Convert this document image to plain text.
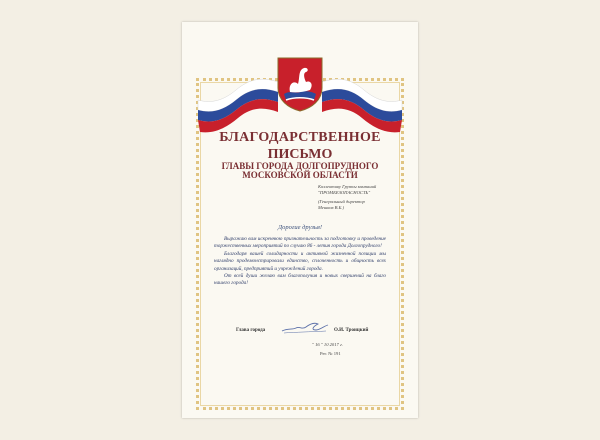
БЛАГОДАРСТВЕННОЕ
ПИСЬМО
ГЛАВЫ ГОРОДА ДОЛГОПРУДНОГО
МОСКОВСКОЙ ОБЛАСТИ
Коллективу Группы компаний
"ПРОМБЕЗОПАСНОСТЬ"
(Генеральный директор
Мешков В.Б.)
Дорогие друзья!

Выражаю вам искреннюю признательность за подготовку и проведение торжественных мероприятий по случаю 86 - летия города Долгопрудного!

Благодаря вашей солидарности и активной жизненной позиции мы наглядно продемонстрировали единство, сплоченность и общность всех организаций, предприятий и учреждений города.

От всей души желаю вам благополучия и новых свершений на благо нашего города!

Глава города	О.И. Троицкий
" 16 " 10 2017 г.
Рег. № 191
